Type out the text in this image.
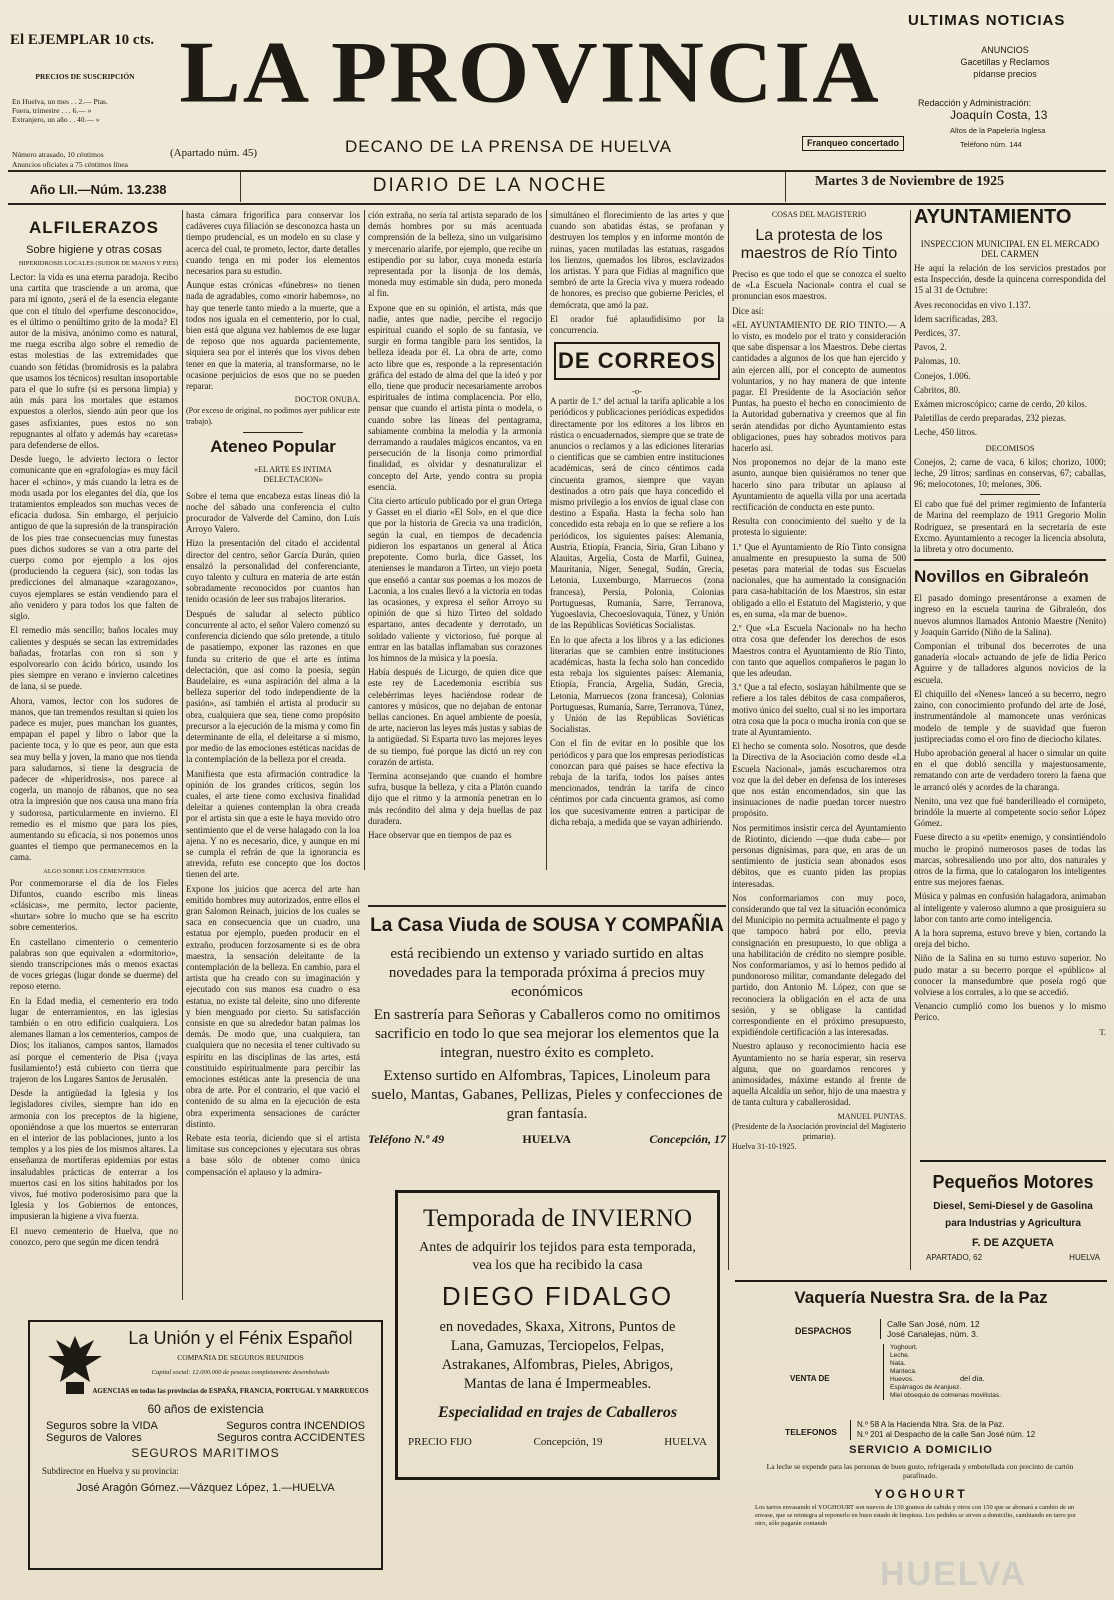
El EJEMPLAR 10 cts.
PRECIOS DE SUSCRIPCIÓN
En Huelva, un mes . . 2.— Ptas.
Fuera, trimestre . . . 6.— »
Extranjero, un año . . 40.— »
Número atrasado, 10 céntimos
Anuncios oficiales a 75 céntimos línea
LA PROVINCIA
(Apartado núm. 45)	DECANO DE LA PRENSA DE HUELVA	Franqueo concertado
ULTIMAS NOTICIAS
ANUNCIOS
Gacetillas y Reclamos
pídanse precios
Redacción y Administración:
Joaquín Costa, 13
Altos de la Papelería Inglesa
Teléfono núm. 144
Año LII.—Núm. 13.238	DIARIO DE LA NOCHE	Martes 3 de Noviembre de 1925
ALFILERAZOS
Sobre higiene y otras cosas
HIPERIDROSIS LOCALES (SUDOR DE MANOS Y PIES)

Lector: la vida es una eterna paradoja. Recibo una cartita que trasciende a un aroma, que para mí ignoto, ¿será el de la esencia elegante que con el título del «perfume desconocido», es el último o penúltimo grito de la moda? El autor de la misiva, anónimo como es natural, me ruega escriba algo sobre el remedio de estas molestias de las extremidades que cuando son fétidas (bromidrosis es la palabra que usamos los técnicos) resultan insoportable para el que lo sufre (si es persona limpia) y aún más para los mortales que estamos expuestos a olerlos, siendo aún peor que los gases asfixiantes, pues estos no son repugnantes al olfato y además hay «caretas» para defenderse de ellos.

Desde luego, le advierto lectora o lector comunicante que en «grafología» es muy fácil hacer el «chino», y más cuando la letra es de moda usada por los elegantes del día, que los tratamientos empleados son muchas veces de eficacia dudosa. Sin embargo, el perjuicio antiguo de que la supresión de la transpiración de los pies trae consecuencias muy funestas pues dichos sudores se van a otra parte del cuerpo como por ejemplo a los ojos (produciendo la ceguera (sic), son todas las predicciones del almanaque «zaragozano», cuyos ejemplares se están vendiendo para el año venidero y para todos los que falten de siglo.

El remedio más sencillo; baños locales muy calientes y después se secan las extremidades bañadas, frotarlas con ron si son y espolvorearlo con ácido bórico, usando los pies siempre en verano e invierno calcetines de lana, si se puede.

Ahora, vamos, lector con los sudores de manos, que tan tremendos resultan si quien los padece es mujer, pues manchan los guantes, empapan el papel y libro o labor que la paciente toca, y lo que es peor, aun que esta sea muy bella y joven, la mano que nos tienda para saludarnos, si tiene la desgracia de padecer de «hiperidrosis», nos parece al cogerla, un manojo de rábanos, que no sea otra la impresión que nos causa una mano fría y sudorosa, particularmente en invierno. El remedio es el mismo que para los pies, aumentando su eficacia, si nos ponemos unos guantes el tiempo que permanecemos en la cama.

ALGO SOBRE LOS CEMENTERIOS

Por conmemorarse el día de los Fieles Difuntos, cuando escribo mis líneas «clásicas», me permito, lector paciente, «hurtar» sobre lo mucho que se ha escrito sobre cementerios.

En castellano cimenterio o cementerio palabras son que equivalen a «dormitorio», siendo transcripciones más o menos exactas de voces griegas (lugar donde se duerme) del reposo eterno.

En la Edad media, el cementerio era todo lugar de enterramientos, en las iglesias también o en otro edificio cualquiera. Los alemanes llaman a los cementerios, campos de Dios; los italianos, campos santos, llamados así porque el cementerio de Pisa (¡vaya fusilamiento!) está cubierto con tierra que trajeron de los Lugares Santos de Jerusalén.

Desde la antigüedad la Iglesia y los legisladores civiles, siempre han ido en armonía con los preceptos de la higiene, oponiéndose a que los muertos se enterraran en el interior de las poblaciones, junto a los templos y a los pies de los mismos altares. La enseñanza de mortíferas epidemias por estas insaludables prácticas de enterrar a los muertos casi en los sitios habitados por los vivos, fué motivo poderosísimo para que la Iglesia y los Gobiernos de entonces, impusieran la higiene a viva fuerza.

El nuevo cementerio de Huelva, que no conozco, pero que según me dicen tendrá

hasta cámara frigorífica para conservar los cadáveres cuya filiación se desconozca hasta un tiempo prudencial, es un modelo en su clase y acerca del cual, te prometo, lector, darte detalles cuando tenga en mi poder los elementos necesarios para su estudio.

Aunque estas crónicas «fúnebres» no tienen nada de agradables, como «morir habemos», no hay que tenerle tanto miedo a la muerte, que a todos nos iguala en el cementerio, por lo cual, bien está que alguna vez hablemos de ese lugar de reposo que nos aguarda pacientemente, siquiera sea por el interés que los vivos deben tener en que la materia, al transformarse, no le ocasione perjuicios de esos que no se pueden reparar.

DOCTOR ONUBA.

(Por exceso de original, no podimos ayer publicar este trabajo).

Ateneo Popular
«EL ARTE ES INTIMA DELECTACION»

Sobre el tema que encabeza estas líneas dió la noche del sábado una conferencia el culto procurador de Valverde del Camino, don Luis Arroyo Valero.

Hizo la presentación del citado el accidental director del centro, señor García Durán, quien ensalzó la personalidad del conferenciante, cuyo talento y cultura en materia de arte están sobradamente reconocidos por cuantos han tenido ocasión de leer sus trabajos literarios.

Después de saludar al selecto público concurrente al acto, el señor Valero comenzó su conferencia diciendo que sólo pretende, a título de pasatiempo, exponer las razones en que funda su criterio de que el arte es íntima delectación, que así como la poesía, según Baudelaire, es «una aspiración del alma a la belleza superior del todo independiente de la pasión», así también el artista al producir su obra, cualquiera que sea, tiene como propósito precursor a la ejecución de la misma y como fin determinante de ella, el deleitarse a sí mismo, por medio de las emociones estéticas nacidas de la contemplación de la belleza por el creada.

Manifiesta que esta afirmación contradice la opinión de los grandes críticos, según los cuales, el arte tiene como exclusiva finalidad deleitar a quienes contemplan la obra creada por el artista sin que a este le haya movido otro sentimiento que el de verse halagado con la loa ajena. Y no es necesario, dice, y aunque en mí se cumpla el refrán de que la ignorancia es atrevida, refuto ese concepto que los doctos tienen del arte.

Expone los juicios que acerca del arte han emitido hombres muy autorizados, entre ellos el gran Salomon Reinach, juicios de los cuales se saca en consecuencia que un cuadro, una estatua por ejemplo, pueden producir en el extraño, producen forzosamente si es de obra maestra, la sensación deleitante de la contemplación de la belleza. En cambio, para el artista que ha creado con su imaginación y ejecutado con sus manos esa cuadro o esa estatua, no existe tal deleite, sino uno diferente y bien menguado por cierto. Su satisfacción consiste en que su alrededor batan palmas los demás. De modo que, una cualquiera, tan cualquiera que no necesita el tener cultivado su espíritu en las disciplinas de las artes, está constituido espiritualmente para percibir las emociones estéticas ante la presencia de una obra de arte. Por el contrario, el que vació el contenido de su alma en la ejecución de esta obra experimenta sensaciones de carácter distinto.

Rebate esta teoría, diciendo que si el artista limitase sus concepciones y ejecutara sus obras a base sólo de obtener como única compensación el aplauso y la admira-

ción extraña, no sería tal artista separado de los demás hombres por su más acentuada comprensión de la belleza, sino un vulgarísimo y mercenario alarife, por ejemplo, que recibe un estipendio por su labor, cuya moneda estaría representada por la lisonja de los demás, moneda muy estimable sin duda, pero moneda al fin.

Expone que en su opinión, el artista, más que nadie, antes que nadie, percibe el regocijo espiritual cuando el soplo de su fantasía, ve surgir en forma tangible para los sentidos, la belleza ideada por él. La obra de arte, como acto libre que es, responde a la representación gráfica del estado de alma del que la ideó y por ello, tiene que producir necesariamente arrobos espirituales de íntima complacencia. Por ello, pensar que cuando el artista pinta o modela, o cuando sobre las líneas del pentagrama, sabiamente combina la melodía y la armonía derramando a raudales mágicos encantos, va en persecución de la lisonja como primordial finalidad, es olvidar y desnaturalizar el concepto del Arte, yendo contra su propia esencia.

Cita cierto artículo publicado por el gran Ortega y Gasset en el diario «El Sol», en el que dice que por la historia de Grecia va una tradición, según la cual, en tiempos de decadencia pidieron los espartanos un general al Ática prepotente. Como burla, dice Gasset, los atenienses le mandaron a Tirteo, un viejo poeta que enseñó a cantar sus poemas a los mozos de Laconia, a los cuales llevó a la victoria en todas las ocasiones, y expresa el señor Arroyo su opinión de que si hizo Tirteo del soldado espartano, antes decadente y derrotado, un soldado valiente y victorioso, fué porque al entrar en las batallas inflamaban sus corazones los himnos de la música y la poesía.

Había después de Licurgo, de quien dice que este rey de Lacedemonia escribía sus celebérrimas leyes haciéndose rodear de cantores y músicos, que no dejaban de entonar bellas canciones. En aquel ambiente de poesía, de arte, nacieron las leyes más justas y sabias de la antigüedad. Si Esparta tuvo las mejores leyes de su tiempo, fué porque las dictó un rey con corazón de artista.

Termina aconsejando que cuando el hombre sufra, busque la belleza, y cita a Platón cuando dijo que el ritmo y la armonía penetran en lo más recóndito del alma y deja huellas de paz duradera.

Hace observar que en tiempos de paz es

simultáneo el florecimiento de las artes y que cuando son abatidas éstas, se profanan y destruyen los templos y en informe montón de ruinas, yacen mutiladas las estatuas, rasgados los lienzos, quemados los libros, esclavizados los artistas. Y para que Fidias al magnífico que sembró de arte la Grecia viva y muera rodeado de honores, es preciso que gobierne Pericles, el demócrata, que amó la paz.

El orador fué aplaudidísimo por la concurrencia.

DE CORREOS
-o-

A partir de 1.º del actual la tarifa aplicable a los periódicos y publicaciones periódicas expedidos directamente por los editores a los libros en rústica o encuadernados, siempre que se trate de anuncios o reclamos y a las ediciones literarias o científicas que se cambien entre instituciones académicas, será de cinco céntimos cada cincuenta gramos, siempre que vayan destinados a otro país que haya concedido el mismo privilegio a los envíos de igual clase con destino a España. Hasta la fecha solo han concedido esta rebaja en lo que se refiere a los periódicos, los siguientes países: Alemania, Austria, Etiopía, Francia, Siria, Gran Líbano y Alauitas, Argelia, Costa de Marfil, Guinea, Mauritania, Níger, Senegal, Sudán, Grecia, Letonia, Luxemburgo, Marruecos (zona francesa), Persia, Polonia, Colonias Portuguesas, Rumanía, Sarre, Terranova, Yugoeslavia, Checoeslovaquia, Túnez, y Unión de las Repúblicas Soviéticas Socialistas.

En lo que afecta a los libros y a las ediciones literarias que se cambien entre instituciones académicas, hasta la fecha solo han concedido esta rebaja los siguientes países: Alemania, Etiopía, Francia, Argelia, Sudán, Grecia, Letonia, Marruecos (zona francesa), Colonias Portuguesas, Rumanía, Sarre, Terranova, Túnez, y Unión de las Repúblicas Soviéticas Socialistas.

Con el fin de evitar en lo posible que los periódicos y para que los empresas periodísticas conozcan para qué países se hace efectiva la rebaja de la tarifa, todos los países antes mencionados, tendrán la tarifa de cinco céntimos por cada cincuenta gramos, así como los que sucesivamente entren a participar de dicha rebaja, a medida que se vayan adhiriendo.

La Casa Viuda de SOUSA Y COMPAÑIA
está recibiendo un extenso y variado surtido en altas novedades para la temporada próxima á precios muy económicos
En sastrería para Señoras y Caballeros como no omitimos sacrificio en todo lo que sea mejorar los elementos que la integran, nuestro éxito es completo.
Extenso surtido en Alfombras, Tapices, Linoleum para suelo, Mantas, Gabanes, Pellizas, Pieles y confecciones de gran fantasía.
Teléfono N.º 49	HUELVA	Concepción, 17
Temporada de INVIERNO
Antes de adquirir los tejidos para esta temporada, vea los que ha recibido la casa
DIEGO FIDALGO
en novedades, Skaxa, Xitrons, Puntos de
Lana, Gamuzas, Terciopelos, Felpas,
Astrakanes, Alfombras, Pieles, Abrigos,
Mantas de lana é Impermeables.
Especialidad en trajes de Caballeros
PRECIO FIJO	Concepción, 19	HUELVA
La Unión y el Fénix Español
COMPAÑIA DE SEGUROS REUNIDOS
Capital social: 12.000.000 de pesetas completamente desembolsado
AGENCIAS en todas las provincias de ESPAÑA, FRANCIA, PORTUGAL Y MARRUECOS
60 años de existencia
Seguros sobre la VIDA	Seguros contra INCENDIOS
Seguros de Valores	Seguros contra ACCIDENTES
SEGUROS MARITIMOS
Subdirector en Huelva y su provincia:
José Aragón Gómez.—Vázquez López, 1.—HUELVA
COSAS DEL MAGISTERIO
La protesta de los maestros de Río Tinto

Preciso es que todo el que se conozca el suelto de «La Escuela Nacional» contra el cual se pronuncian esos maestros.

Dice así:

«EL AYUNTAMIENTO DE RIO TINTO.— A lo visto, es modelo por el trato y consideración que sabe dispensar a los Maestros. Debe ciertas cantidades a algunos de los que han ejercido y aún ejercen allí, por el concepto de aumentos voluntarios, y no hay manera de que intente pagar. El Presidente de la Asociación señor Puntas, ha puesto el hecho en conocimiento de la Autoridad gubernativa y creemos que al fin serán atendidas por dicho Ayuntamiento estas obligaciones, pues hay sobrados motivos para hacerlo así.

Nos proponemos no dejar de la mano este asunto, aunque bien quisiéramos no tener que hacerlo sino para tributar un aplauso al Ayuntamiento de aquella villa por una acertada rectificación de conducta en este punto.

Resulta con conocimiento del suelto y de la protesta lo siguiente:

1.º Que el Ayuntamiento de Río Tinto consigna anualmente en presupuesto la suma de 500 pesetas para material de todas sus Escuelas nacionales, que ha aumentado la consignación para casa-habitación de los Maestros, sin estar obligado a ello el Estatuto del Magisterio, y que es, en suma, «la mar de bueno».

2.º Que «La Escuela Nacional» no ha hecho otra cosa que defender los derechos de esos Maestros contra el Ayuntamiento de Río Tinto, con tanto que aquellos compañeros le pagan lo que les adeudan.

3.º Que a tal efecto, soslayan hábilmente que se refiere a los tales débitos de casa compañeros, motivo único del suelto, cual si no les importara otra cosa que la poca o mucha ironía con que se trate al Ayuntamiento.

El hecho se comenta solo. Nosotros, que desde la Directiva de la Asociación como desde «La Escuela Nacional», jamás escucharemos otra voz que la del deber en defensa de los intereses que nos están encomendados, sin que las insinuaciones de nadie puedan torcer nuestro propósito.

Nos permitimos insistir cerca del Ayuntamiento de Riotinto, diciendo —que duda cabe— por personas dignísimas, para que, en aras de un sentimiento de justicia sean abonados esos débitos, que es cuanto piden las propias interesadas.

Nos conformaríamos con muy poco, considerando que tal vez la situación económica del Municipio no permita actualmente el pago y que tampoco habrá por ello, previa consignación en presupuesto, lo que obliga a una habilitación de crédito no siempre posible. Nos conformaríamos, y así lo hemos pedido al pundonoroso militar, comandante delegado del partido, don Antonio M. López, con que se reconociera la obligación en el acta de una sesión, y se obligase la cantidad correspondiente en el próximo presupuesto, expidiéndole certificación a las interesadas.

Nuestro aplauso y reconocimiento hacia ese Ayuntamiento no se haría esperar, sin reserva alguna, que no guardamos rencores y animosidades, máxime estando al frente de aquella Alcaldía un señor, hijo de una maestra y de tanta cultura y caballerosidad.

MANUEL PUNTAS.
(Presidente de la Asociación provincial del Magisterio primario).
Huelva 31-10-1925.
AYUNTAMIENTO
INSPECCION MUNICIPAL EN EL MERCADO DEL CARMEN

He aquí la relación de los servicios prestados por esta Inspección, desde la quincena correspondida del 15 al 31 de Octubre:

Aves reconocidas en vivo 1.137.
Idem sacrificadas, 283.
Perdices, 37.
Pavos, 2.
Palomas, 10.
Conejos, 1.006.
Cabritos, 80.
Exámen microscópico; carne de cerdo, 20 kilos.
Paletillas de cerdo preparadas, 232 piezas.
Leche, 450 litros.
DECOMISOS

Conejos, 2; carne de vaca, 6 kilos; chorizo, 1000; leche, 29 litros; sardinas en conservas, 67; caballas, 96; melocotones, 10; melones, 306.

El cabo que fué del primer regimiento de Infantería de Marina del reemplazo de 1911 Gregorio Molín Rodríguez, se presentará en la secretaría de este Excmo. Ayuntamiento a recoger la licencia absoluta, la libreta y otro documento.

Novillos en Gibraleón

El pasado domingo presentáronse a examen de ingreso en la escuela taurina de Gibraleón, dos nuevos alumnos llamados Antonio Maestre (Nenito) y Joaquín Garrido (Niño de la Salina).

Componían el tribunal dos becerrotes de una ganadería «local» actuando de jefe de lidia Perico Aguirre y de talladores algunos novicios de la escuela.

El chiquillo del «Nenes» lanceó a su becerro, negro zaino, con conocimiento profundo del arte de José, instrumentándole al mamoncete unas verónicas modelo de temple y de suavidad que fueron justipreciadas como el oro fino de dieciocho kilates.

Hubo aprobación general al hacer o simular un quite en el que dobló sencilla y majestuosamente, rematando con arte de verdadero torero la faena que le arrancó olés y acordes de la charanga.

Nenito, una vez que fué banderilleado el cornúpeto, brindóle la muerte al competente socio señor López Gómez.

Fuese directo a su «petit» enemigo, y consintiéndolo mucho le propinó numerosos pases de todas las marcas, sobresaliendo uno por alto, dos naturales y otros de la firma, que lo catalogaron los inteligentes entre sus mejores faenas.

Música y palmas en confusión halagadora, animaban al inteligente y valeroso alumno a que prosiguiera su labor con tanto arte como inteligencia.

A la hora suprema, estuvo breve y bien, cortando la oreja del bicho.

Niño de la Salina en su turno estuvo superior. No pudo matar a su becerro porque el «público» al conocer la mansedumbre que poseía rogó que volviese a los corrales, a lo que se accedió.

Venancio cumplió como los buenos y lo mismo Perico.

T.
Pequeños Motores
Diesel, Semi-Diesel y de Gasolina
para Industrias y Agricultura
F. DE AZQUETA
APARTADO, 62	HUELVA
Vaquería Nuestra Sra. de la Paz
DESPACHOS
Calle San José, núm. 12
José Canalejas, núm. 3.
VENTA DE
Yoghourt.
Leche.
Nata.
Manteca.
Huevos.
Espárragos de Aranjuez.
Miel obsequio de colmenas movilistas.
del día.
TELEFONOS
N.º 58 A la Hacienda Ntra. Sra. de la Paz.
N.º 201 al Despacho de la calle San José núm. 12
SERVICIO A DOMICILIO
La leche se expende para las personas de buen gusto, refrigerada y embotellada con precinto de cartón parafinado.
YOGHOURT
Los tarros envasando el YOGHOURT son nuevos de 150 gramos de cabida y otros con 150 que se abonará a cambio de un envase, que se reintegra al reponerlo en buen estado de limpieza. Los pedidos se sirven a domicilio, cambiando en tarro por otro, sólo pagarán contando
HUELVA
